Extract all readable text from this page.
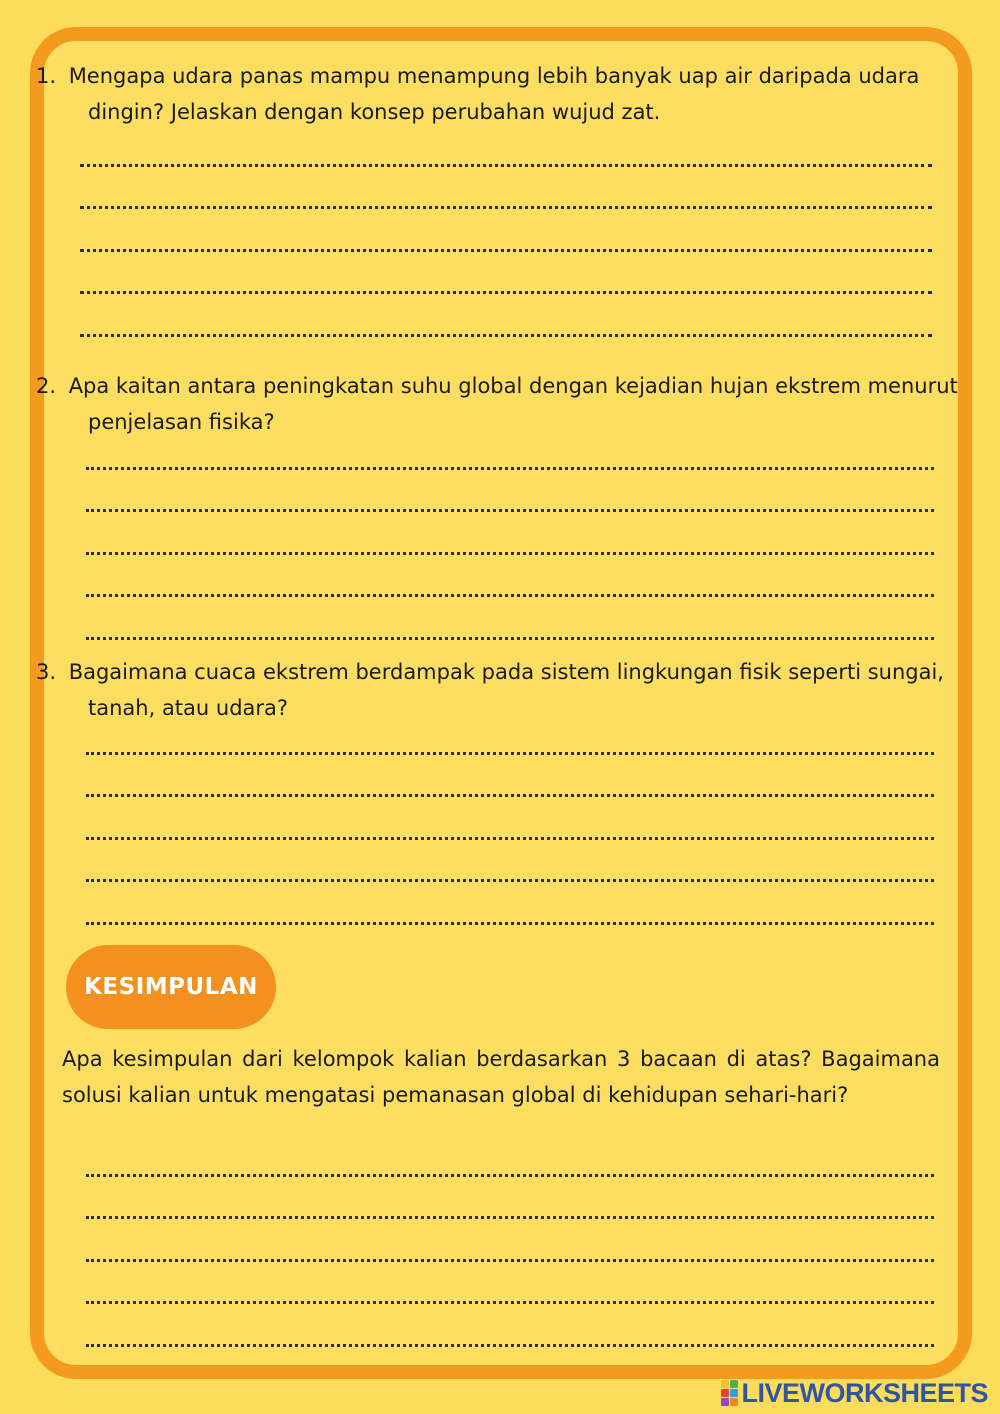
Mengapa udara panas mampu menampung lebih banyak uap air daripada udara dingin? Jelaskan dengan konsep perubahan wujud zat.
Apa kaitan antara peningkatan suhu global dengan kejadian hujan ekstrem menurut penjelasan fisika?
Bagaimana cuaca ekstrem berdampak pada sistem lingkungan fisik seperti sungai, tanah, atau udara?
KESIMPULAN
Apa kesimpulan dari kelompok kalian berdasarkan 3 bacaan di atas? Bagaimana solusi kalian untuk mengatasi pemanasan global di kehidupan sehari-hari?
LIVEWORKSHEETS
